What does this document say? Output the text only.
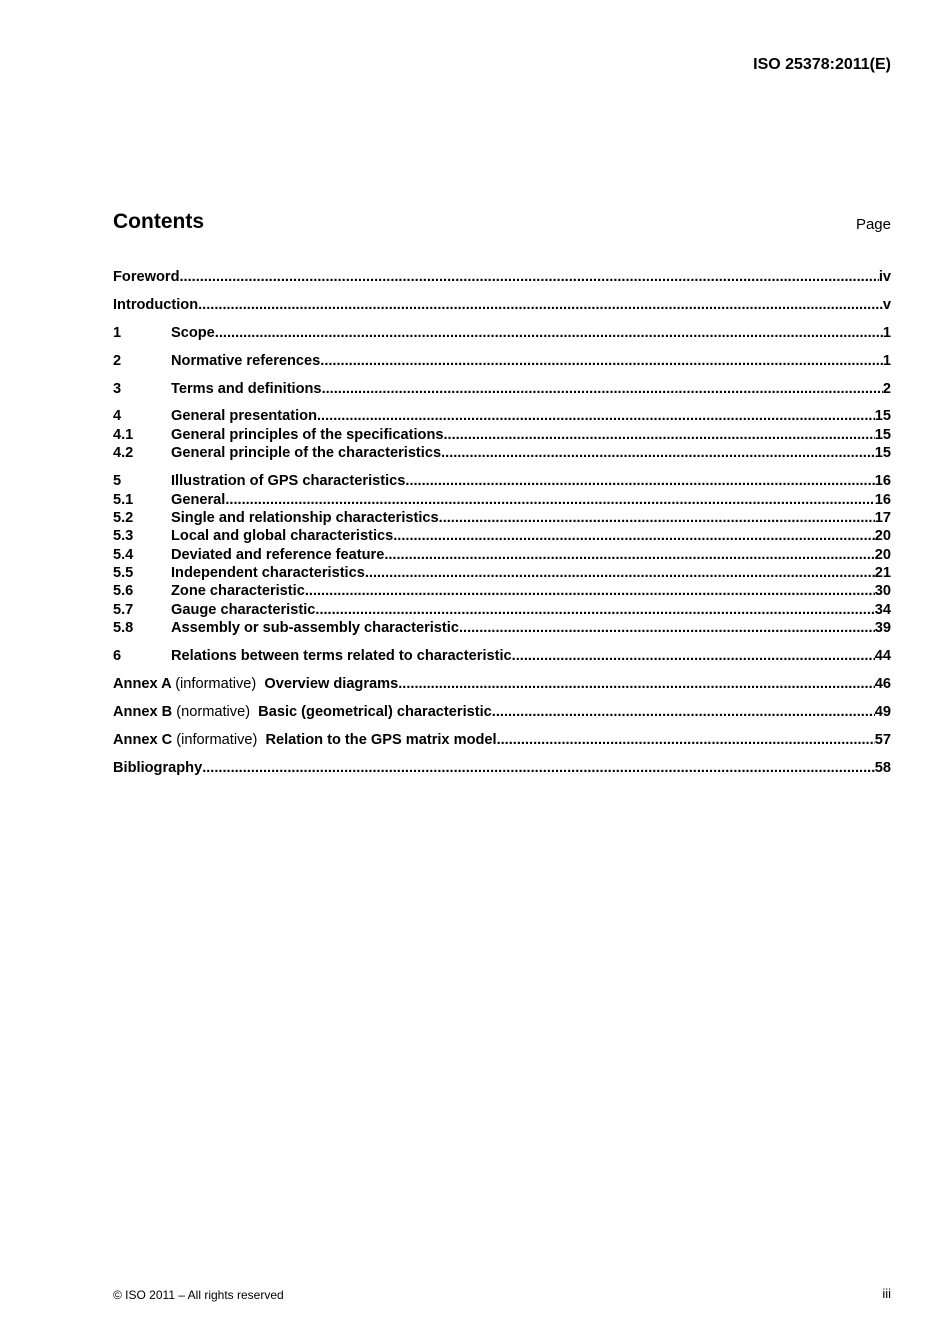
ISO 25378:2011(E)
Contents	Page
Foreword .....	iv
Introduction .....	v
1	Scope .....	1
2	Normative references .....	1
3	Terms and definitions .....	2
4	General presentation .....	15
4.1	General principles of the specifications .....	15
4.2	General principle of the characteristics .....	15
5	Illustration of GPS characteristics .....	16
5.1	General .....	16
5.2	Single and relationship characteristics .....	17
5.3	Local and global characteristics .....	20
5.4	Deviated and reference feature .....	20
5.5	Independent characteristics .....	21
5.6	Zone characteristic .....	30
5.7	Gauge characteristic .....	34
5.8	Assembly or sub-assembly characteristic .....	39
6	Relations between terms related to characteristic .....	44
Annex A (informative) Overview diagrams .....	46
Annex B (normative) Basic (geometrical) characteristic .....	49
Annex C (informative) Relation to the GPS matrix model .....	57
Bibliography .....	58
© ISO 2011 – All rights reserved	iii
